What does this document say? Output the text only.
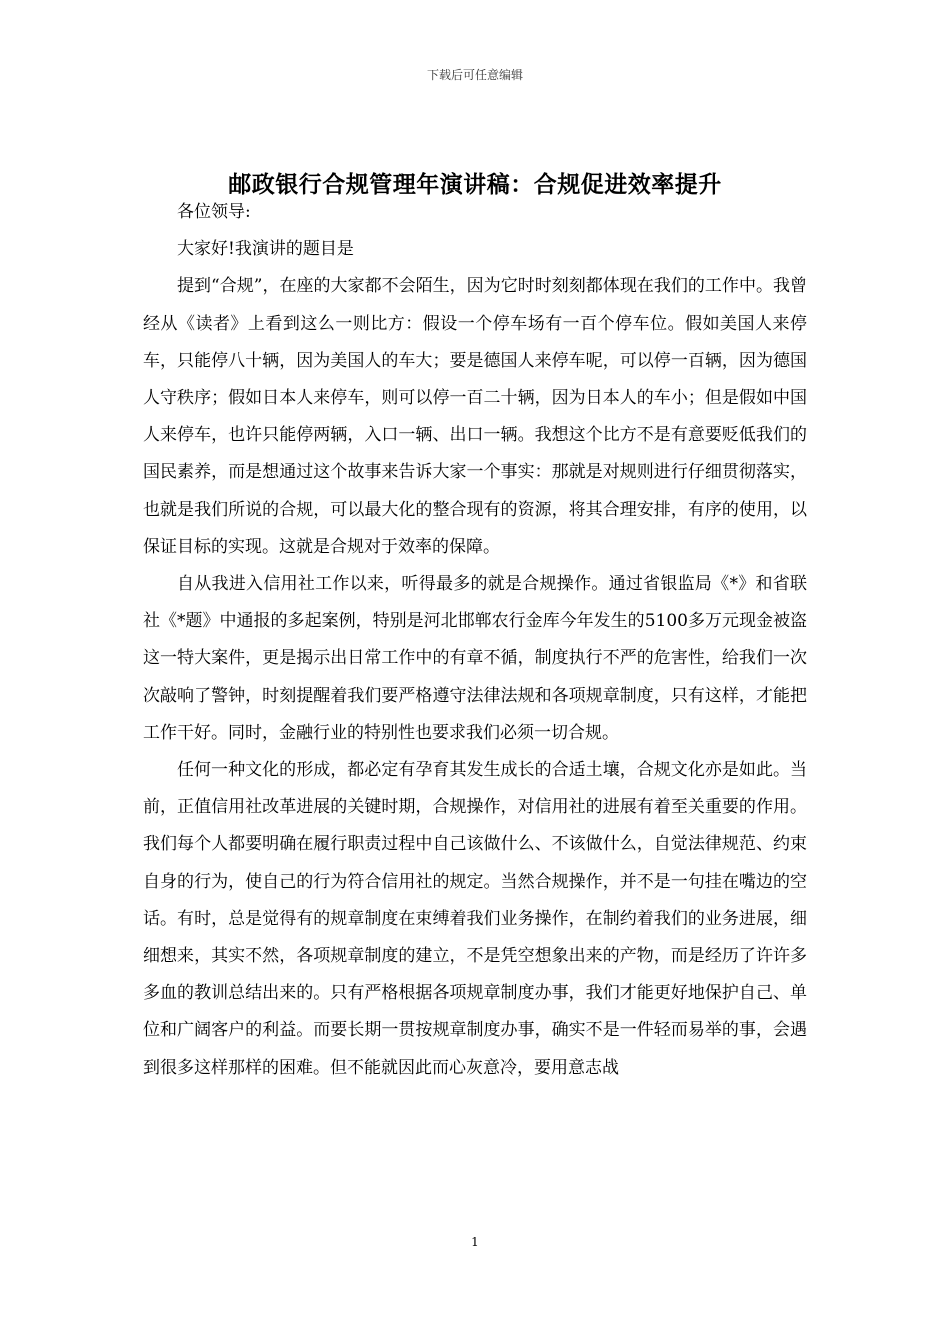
下载后可任意编辑
邮政银行合规管理年演讲稿：合规促进效率提升

各位领导:

大家好!我演讲的题目是

提到“合规”，在座的大家都不会陌生，因为它时时刻刻都体现在我们的工作中。我曾经从《读者》上看到这么一则比方：假设一个停车场有一百个停车位。假如美国人来停车，只能停八十辆，因为美国人的车大；要是德国人来停车呢，可以停一百辆，因为德国人守秩序；假如日本人来停车，则可以停一百二十辆，因为日本人的车小；但是假如中国人来停车，也许只能停两辆，入口一辆、出口一辆。我想这个比方不是有意要贬低我们的国民素养，而是想通过这个故事来告诉大家一个事实：那就是对规则进行仔细贯彻落实，也就是我们所说的合规，可以最大化的整合现有的资源，将其合理安排，有序的使用，以保证目标的实现。这就是合规对于效率的保障。

自从我进入信用社工作以来，听得最多的就是合规操作。通过省银监局《*》和省联社《*题》中通报的多起案例，特别是河北邯郸农行金库今年发生的5100多万元现金被盗这一特大案件，更是揭示出日常工作中的有章不循，制度执行不严的危害性，给我们一次次敲响了警钟，时刻提醒着我们要严格遵守法律法规和各项规章制度，只有这样，才能把工作干好。同时，金融行业的特别性也要求我们必须一切合规。

任何一种文化的形成，都必定有孕育其发生成长的合适土壤，合规文化亦是如此。当前，正值信用社改革进展的关键时期，合规操作，对信用社的进展有着至关重要的作用。我们每个人都要明确在履行职责过程中自己该做什么、不该做什么，自觉法律规范、约束自身的行为，使自己的行为符合信用社的规定。当然合规操作，并不是一句挂在嘴边的空话。有时，总是觉得有的规章制度在束缚着我们业务操作，在制约着我们的业务进展，细细想来，其实不然，各项规章制度的建立，不是凭空想象出来的产物，而是经历了许许多多血的教训总结出来的。只有严格根据各项规章制度办事，我们才能更好地保护自己、单位和广阔客户的利益。而要长期一贯按规章制度办事，确实不是一件轻而易举的事，会遇到很多这样那样的困难。但不能就因此而心灰意冷，要用意志战

1
